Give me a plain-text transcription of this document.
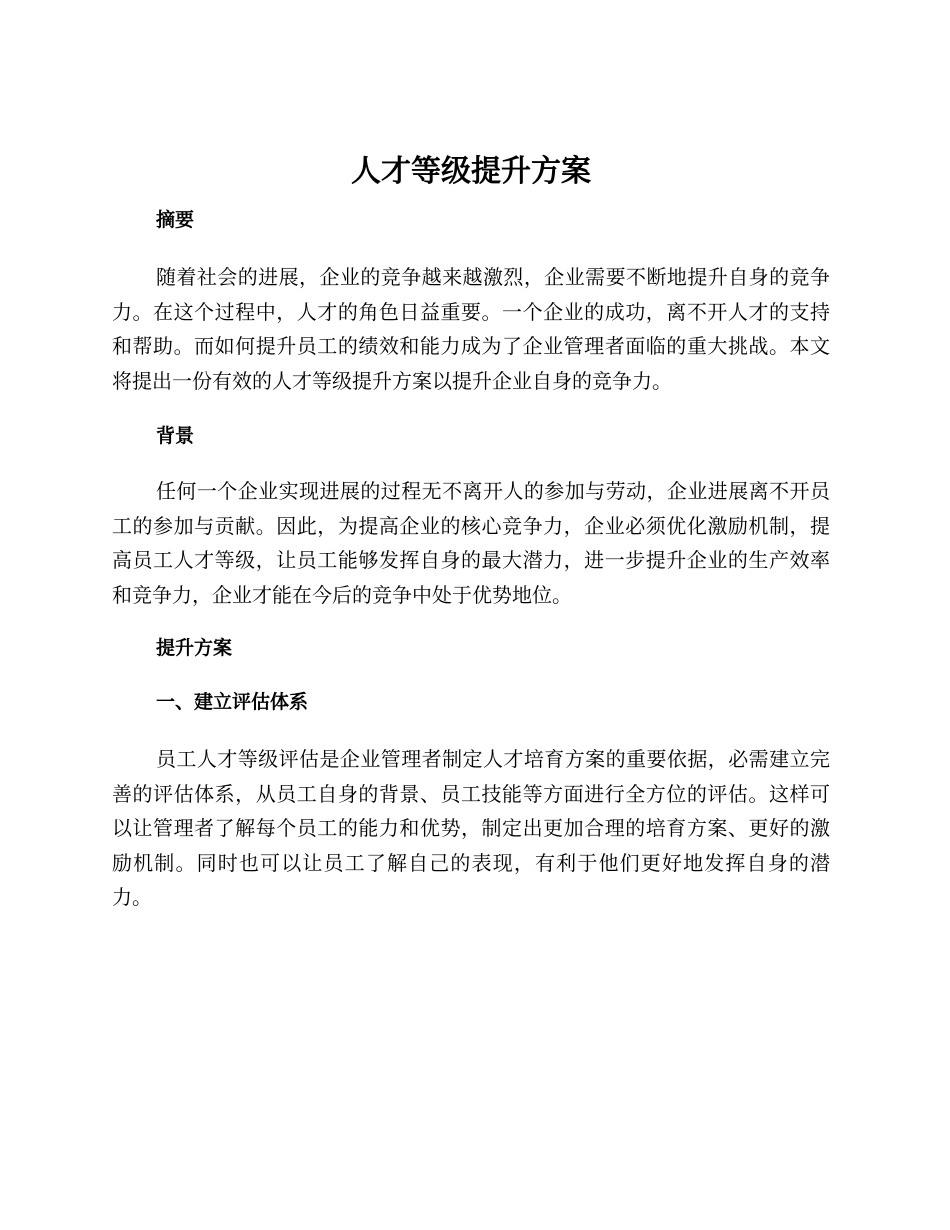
人才等级提升方案
摘要

随着社会的进展，企业的竞争越来越激烈，企业需要不断地提升自身的竞争力。在这个过程中，人才的角色日益重要。一个企业的成功，离不开人才的支持和帮助。而如何提升员工的绩效和能力成为了企业管理者面临的重大挑战。本文将提出一份有效的人才等级提升方案以提升企业自身的竞争力。

背景

任何一个企业实现进展的过程无不离开人的参加与劳动，企业进展离不开员工的参加与贡献。因此，为提高企业的核心竞争力，企业必须优化激励机制，提高员工人才等级，让员工能够发挥自身的最大潜力，进一步提升企业的生产效率和竞争力，企业才能在今后的竞争中处于优势地位。

提升方案
一、建立评估体系

员工人才等级评估是企业管理者制定人才培育方案的重要依据，必需建立完善的评估体系，从员工自身的背景、员工技能等方面进行全方位的评估。这样可以让管理者了解每个员工的能力和优势，制定出更加合理的培育方案、更好的激励机制。同时也可以让员工了解自己的表现，有利于他们更好地发挥自身的潜力。
